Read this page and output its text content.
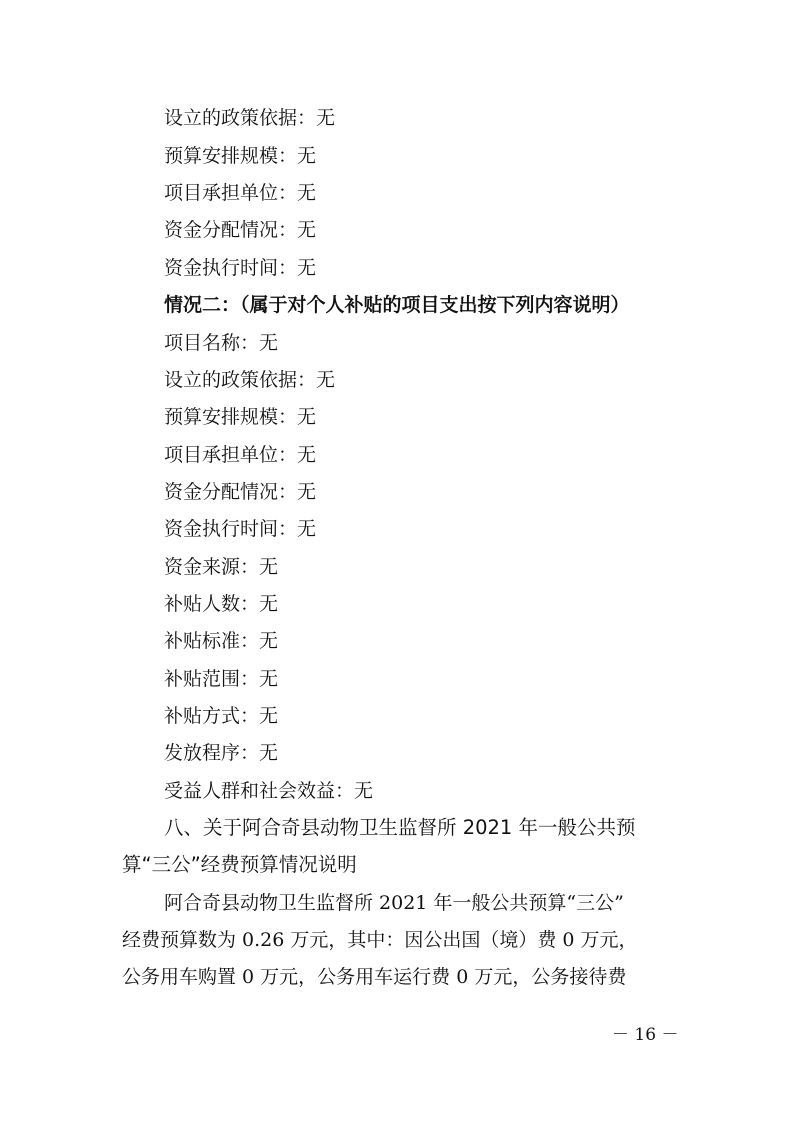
设立的政策依据：无
预算安排规模：无
项目承担单位：无
资金分配情况：无
资金执行时间：无
情况二：（属于对个人补贴的项目支出按下列内容说明）
项目名称：无
设立的政策依据：无
预算安排规模：无
项目承担单位：无
资金分配情况：无
资金执行时间：无
资金来源：无
补贴人数：无
补贴标准：无
补贴范围：无
补贴方式：无
发放程序：无
受益人群和社会效益：无
八、关于阿合奇县动物卫生监督所 2021 年一般公共预
算“三公”经费预算情况说明
阿合奇县动物卫生监督所 2021 年一般公共预算“三公”
经费预算数为 0.26 万元，其中：因公出国（境）费 0 万元，
公务用车购置 0 万元，公务用车运行费 0 万元，公务接待费
－ 16 －
